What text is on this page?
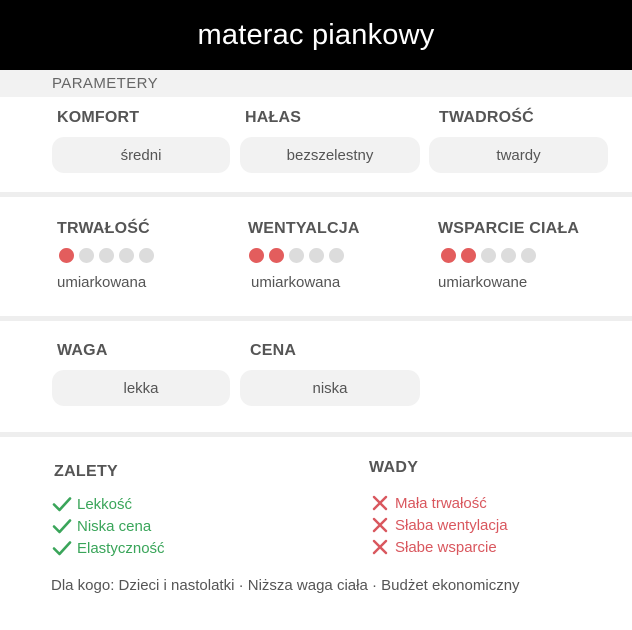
materac piankowy
PARAMETERY
KOMFORT
średni
HAŁAS
bezszelestny
TWADROŚĆ
twardy
TRWAŁOŚĆ
umiarkowana
WENTYALCJA
umiarkowana
WSPARCIE CIAŁA
umiarkowane
WAGA
lekka
CENA
niska
ZALETY
Lekkość
Niska cena
Elastyczność
WADY
Mała trwałość
Słaba wentylacja
Słabe wsparcie
Dla kogo: Dzieci i nastolatki · Niższa waga ciała · Budżet ekonomiczny
